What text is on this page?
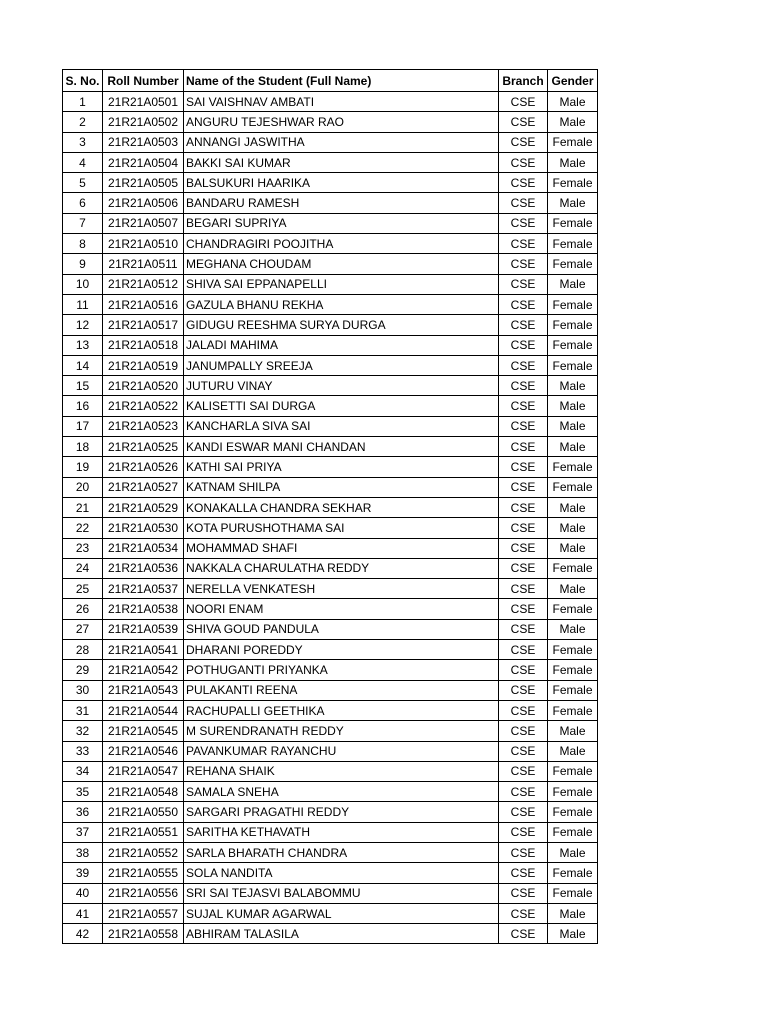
S. No.	Roll Number	Name of the Student (Full Name)	Branch	Gender
1	21R21A0501	SAI VAISHNAV AMBATI	CSE	Male
2	21R21A0502	ANGURU TEJESHWAR RAO	CSE	Male
3	21R21A0503	ANNANGI JASWITHA	CSE	Female
4	21R21A0504	BAKKI SAI KUMAR	CSE	Male
5	21R21A0505	BALSUKURI HAARIKA	CSE	Female
6	21R21A0506	BANDARU RAMESH	CSE	Male
7	21R21A0507	BEGARI SUPRIYA	CSE	Female
8	21R21A0510	CHANDRAGIRI POOJITHA	CSE	Female
9	21R21A0511	MEGHANA CHOUDAM	CSE	Female
10	21R21A0512	SHIVA SAI EPPANAPELLI	CSE	Male
11	21R21A0516	GAZULA BHANU REKHA	CSE	Female
12	21R21A0517	GIDUGU REESHMA SURYA DURGA	CSE	Female
13	21R21A0518	JALADI MAHIMA	CSE	Female
14	21R21A0519	JANUMPALLY SREEJA	CSE	Female
15	21R21A0520	JUTURU VINAY	CSE	Male
16	21R21A0522	KALISETTI SAI DURGA	CSE	Male
17	21R21A0523	KANCHARLA SIVA SAI	CSE	Male
18	21R21A0525	KANDI ESWAR MANI CHANDAN	CSE	Male
19	21R21A0526	KATHI SAI PRIYA	CSE	Female
20	21R21A0527	KATNAM SHILPA	CSE	Female
21	21R21A0529	KONAKALLA CHANDRA SEKHAR	CSE	Male
22	21R21A0530	KOTA PURUSHOTHAMA SAI	CSE	Male
23	21R21A0534	MOHAMMAD SHAFI	CSE	Male
24	21R21A0536	NAKKALA CHARULATHA REDDY	CSE	Female
25	21R21A0537	NERELLA VENKATESH	CSE	Male
26	21R21A0538	NOORI ENAM	CSE	Female
27	21R21A0539	SHIVA GOUD PANDULA	CSE	Male
28	21R21A0541	DHARANI POREDDY	CSE	Female
29	21R21A0542	POTHUGANTI PRIYANKA	CSE	Female
30	21R21A0543	PULAKANTI REENA	CSE	Female
31	21R21A0544	RACHUPALLI GEETHIKA	CSE	Female
32	21R21A0545	M SURENDRANATH REDDY	CSE	Male
33	21R21A0546	PAVANKUMAR RAYANCHU	CSE	Male
34	21R21A0547	REHANA SHAIK	CSE	Female
35	21R21A0548	SAMALA SNEHA	CSE	Female
36	21R21A0550	SARGARI PRAGATHI REDDY	CSE	Female
37	21R21A0551	SARITHA KETHAVATH	CSE	Female
38	21R21A0552	SARLA BHARATH CHANDRA	CSE	Male
39	21R21A0555	SOLA NANDITA	CSE	Female
40	21R21A0556	SRI SAI TEJASVI BALABOMMU	CSE	Female
41	21R21A0557	SUJAL KUMAR AGARWAL	CSE	Male
42	21R21A0558	ABHIRAM TALASILA	CSE	Male
